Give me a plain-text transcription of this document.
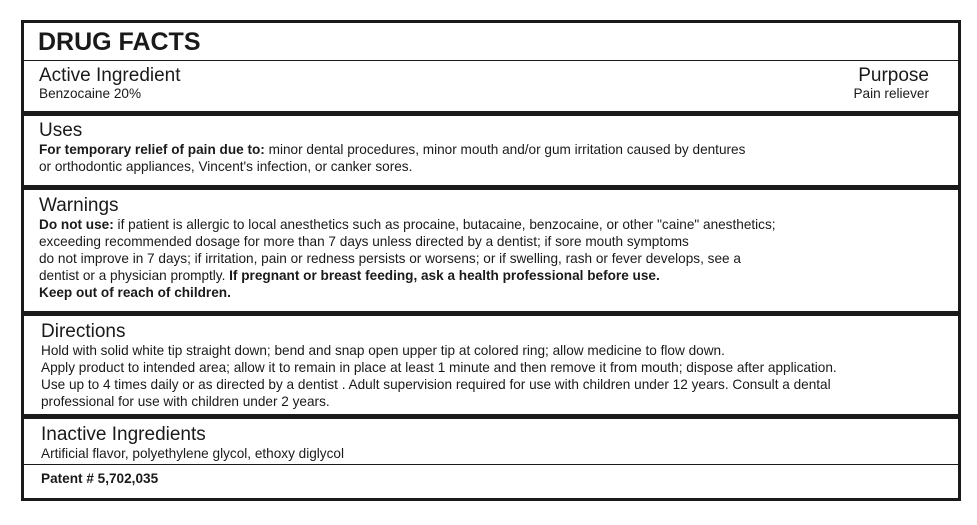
DRUG FACTS
Active Ingredient
Benzocaine 20%
Purpose
Pain reliever
Uses
For temporary relief of pain due to: minor dental procedures, minor mouth and/or gum irritation caused by dentures
or orthodontic appliances, Vincent's infection, or canker sores.
Warnings
Do not use: if patient is allergic to local anesthetics such as procaine, butacaine, benzocaine, or other "caine" anesthetics;
exceeding recommended dosage for more than 7 days unless directed by a dentist; if sore mouth symptoms
do not improve in 7 days; if irritation, pain or redness persists or worsens; or if swelling, rash or fever develops, see a
dentist or a physician promptly. If pregnant or breast feeding, ask a health professional before use.
Keep out of reach of children.
Directions
Hold with solid white tip straight down; bend and snap open upper tip at colored ring; allow medicine to flow down.
Apply product to intended area; allow it to remain in place at least 1 minute and then remove it from mouth; dispose after application.
Use up to 4 times daily or as directed by a dentist . Adult supervision required for use with children under 12 years. Consult a dental
professional for use with children under 2 years.
Inactive Ingredients
Artificial flavor, polyethylene glycol, ethoxy diglycol
Patent # 5,702,035
